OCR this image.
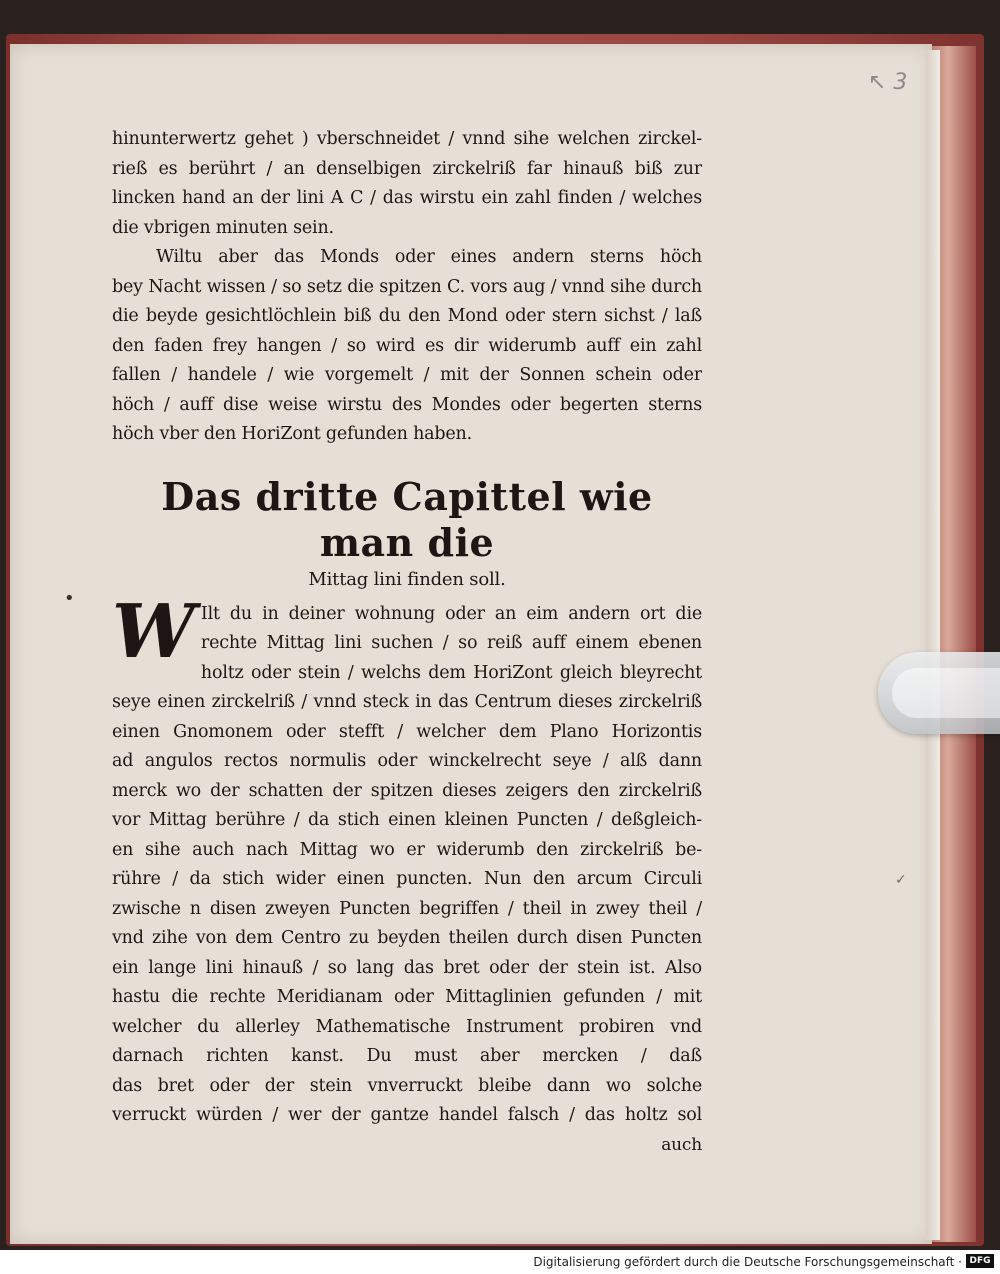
↖ 3
•
✓
hinunterwertz gehet ) vberschneidet / vnnd sihe welchen zirckel-
rieß es berührt / an denselbigen zirckelriß far hinauß biß zur
lincken hand an der lini A C / das wirstu ein zahl finden / welches
die vbrigen minuten sein.
Wiltu aber das Monds oder eines andern sterns höch
bey Nacht wissen / so setz die spitzen C. vors aug / vnnd sihe durch
die beyde gesichtlöchlein biß du den Mond oder stern sichst / laß
den faden frey hangen / so wird es dir widerumb auff ein zahl
fallen / handele / wie vorgemelt / mit der Sonnen schein oder
höch / auff dise weise wirstu des Mondes oder begerten sterns
höch vber den HoriZont gefunden haben.
Das dritte Capittel wie man die
Mittag lini finden soll.
W Ilt du in deiner wohnung oder an eim andern ort die
rechte Mittag lini suchen / so reiß auff einem ebenen
holtz oder stein / welchs dem HoriZont gleich bleyrecht
seye einen zirckelriß / vnnd steck in das Centrum dieses zirckelriß
einen Gnomonem oder stefft / welcher dem Plano Horizontis
ad angulos rectos normulis oder winckelrecht seye / alß dann
merck wo der schatten der spitzen dieses zeigers den zirckelriß
vor Mittag berühre / da stich einen kleinen Puncten / deßgleich-
en sihe auch nach Mittag wo er widerumb den zirckelriß be-
rühre / da stich wider einen puncten. Nun den arcum Circuli
zwische n disen zweyen Puncten begriffen / theil in zwey theil /
vnd zihe von dem Centro zu beyden theilen durch disen Puncten
ein lange lini hinauß / so lang das bret oder der stein ist. Also
hastu die rechte Meridianam oder Mittaglinien gefunden / mit
welcher du allerley Mathematische Instrument probiren vnd
darnach richten kanst. Du must aber mercken / daß
das bret oder der stein vnverruckt bleibe dann wo solche
verruckt würden / wer der gantze handel falsch / das holtz sol
auch
Digitalisierung gefördert durch die Deutsche Forschungsgemeinschaft · DFG
